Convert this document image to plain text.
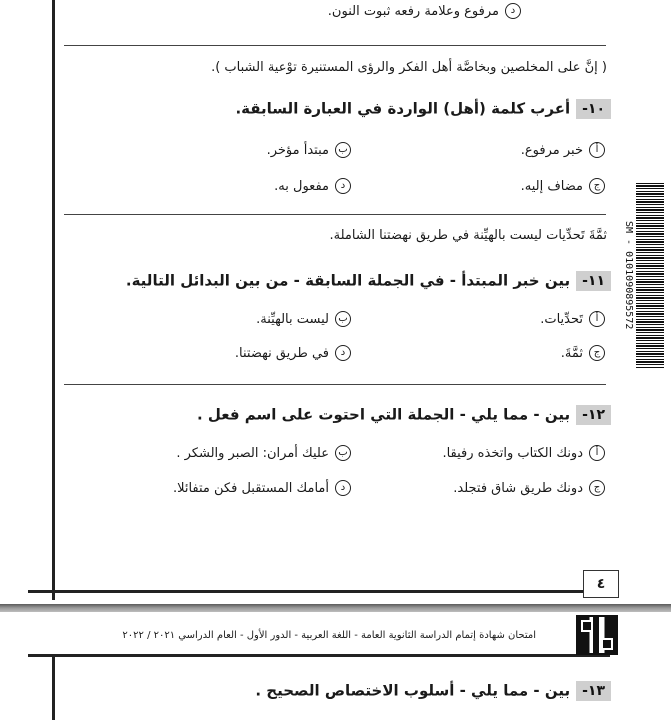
د
مرفوع وعلامة رفعه ثبوت النون.
( إنَّ على المخلصين وبخاصَّة أهل الفكر والرؤى المستنيرة توْعية الشباب ).
١٠-أعرب كلمة (أهل) الواردة في العبارة السابقة.
أ
خبر مرفوع.
ب
مبتدأ مؤخر.
ج
مضاف إليه.
د
مفعول به.
ثمَّةَ تَحدِّيات ليست بالهيِّنة في طريق نهضتنا الشاملة.
١١-بين خبر المبتدأ - في الجملة السابقة - من بين البدائل التالية.
أ
تَحدِّيات.
ب
ليست بالهيِّنة.
ج
ثمَّةَ.
د
في طريق نهضتنا.
١٢-بين - مما يلي - الجملة التي احتوت على اسم فعل .
أ
دونك الكتاب واتخذه رفيقا.
ب
عليك أمران: الصبر والشكر .
ج
دونك طريق شاق فتجلد.
د
أمامك المستقبل فكن متفائلا.
SM - 0101090895572
٤
امتحان شهادة إتمام الدراسة الثانوية العامة - اللغة العربية - الدور الأول - العام الدراسي ٢٠٢١ / ٢٠٢٢
١٣-بين - مما يلي - أسلوب الاختصاص الصحيح .
